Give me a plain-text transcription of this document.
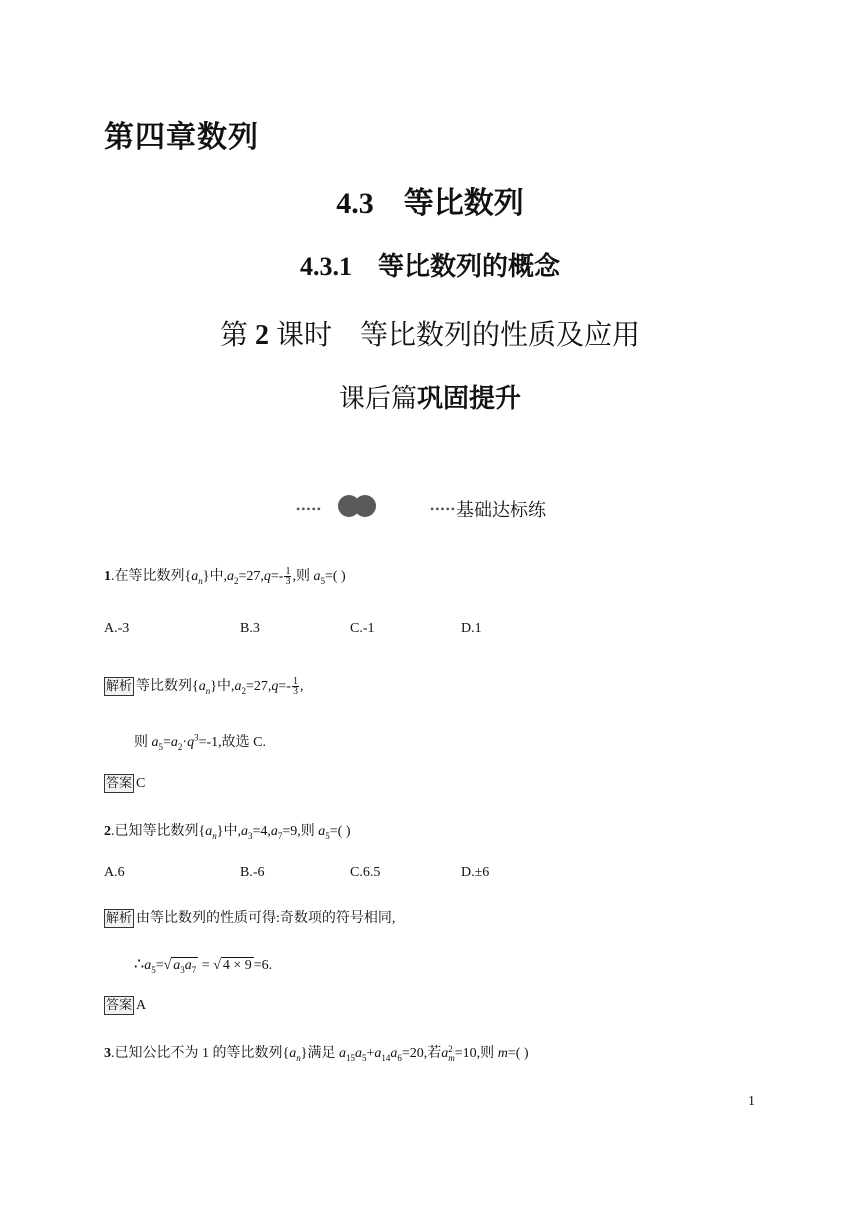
第四章数列
4.3 等比数列
4.3.1 等比数列的概念
第 2 课时 等比数列的性质及应用
课后篇巩固提升
•••••	•••••基础达标练
1.在等比数列$\{a_n\}$中$,a_2=27,q=- \frac{1}{3}$ ,则 $a_5=$( )
A.-3	B.3	C.-1	D.1
解析 等比数列$\{a_n\}$中$,a_2=27,q=- \frac{1}{3}$ ,
则 $a_5=a_2\cdot q^3=-1$,故选 C.
答案 C
2.已知等比数列$\{a_n\}$中$,a_3=4,a_7=9$,则 $a_5=$( )
A.6	B.-6	C.6.5	D.±6
解析 由等比数列的性质可得:奇数项的符号相同,
$\therefore a_5=√$ $a_3a_7$ = √ 4 × 9 =6.
答案 A
3.已知公比不为 1 的等比数列$\{a_n\}$满足 $a_{15}a_5+a_{14}a_6=20$,若a 2
m =10,则 m=( )
1
